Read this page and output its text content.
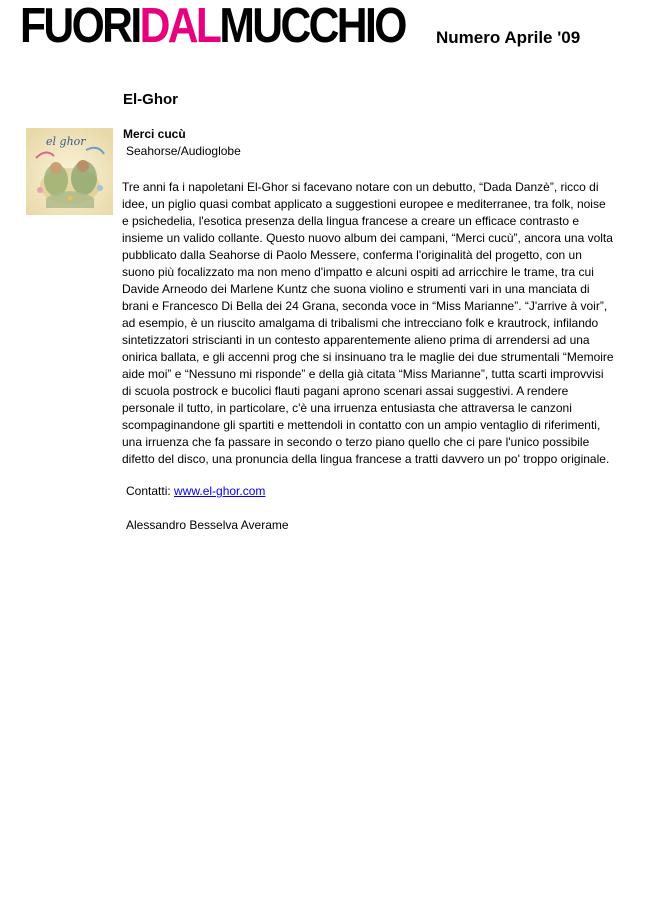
FUORIDALMUCCHIO Numero Aprile '09
El-Ghor
el ghor
Merci cucù
Seahorse/Audioglobe
Tre anni fa i napoletani El-Ghor si facevano notare con un debutto, “Dada Danzè”, ricco di
idee, un piglio quasi combat applicato a suggestioni europee e mediterranee, tra folk, noise
e psichedelia, l'esotica presenza della lingua francese a creare un efficace contrasto e
insieme un valido collante. Questo nuovo album dei campani, “Merci cucù”, ancora una volta
pubblicato dalla Seahorse di Paolo Messere, conferma l'originalità del progetto, con un
suono più focalizzato ma non meno d'impatto e alcuni ospiti ad arricchire le trame, tra cui
Davide Arneodo dei Marlene Kuntz che suona violino e strumenti vari in una manciata di
brani e Francesco Di Bella dei 24 Grana, seconda voce in “Miss Marianne”. “J'arrive à voir”,
ad esempio, è un riuscito amalgama di tribalismi che intrecciano folk e krautrock, infilando
sintetizzatori striscianti in un contesto apparentemente alieno prima di arrendersi ad una
onirica ballata, e gli accenni prog che si insinuano tra le maglie dei due strumentali “Memoire
aide moi” e “Nessuno mi risponde” e della già citata “Miss Marianne”, tutta scarti improvvisi
di scuola postrock e bucolici flauti pagani aprono scenari assai suggestivi. A rendere
personale il tutto, in particolare, c'è una irruenza entusiasta che attraversa le canzoni
scompaginandone gli spartiti e mettendoli in contatto con un ampio ventaglio di riferimenti,
una irruenza che fa passare in secondo o terzo piano quello che ci pare l'unico possibile
difetto del disco, una pronuncia della lingua francese a tratti davvero un po' troppo originale.
Contatti: www.el-ghor.com
Alessandro Besselva Averame
